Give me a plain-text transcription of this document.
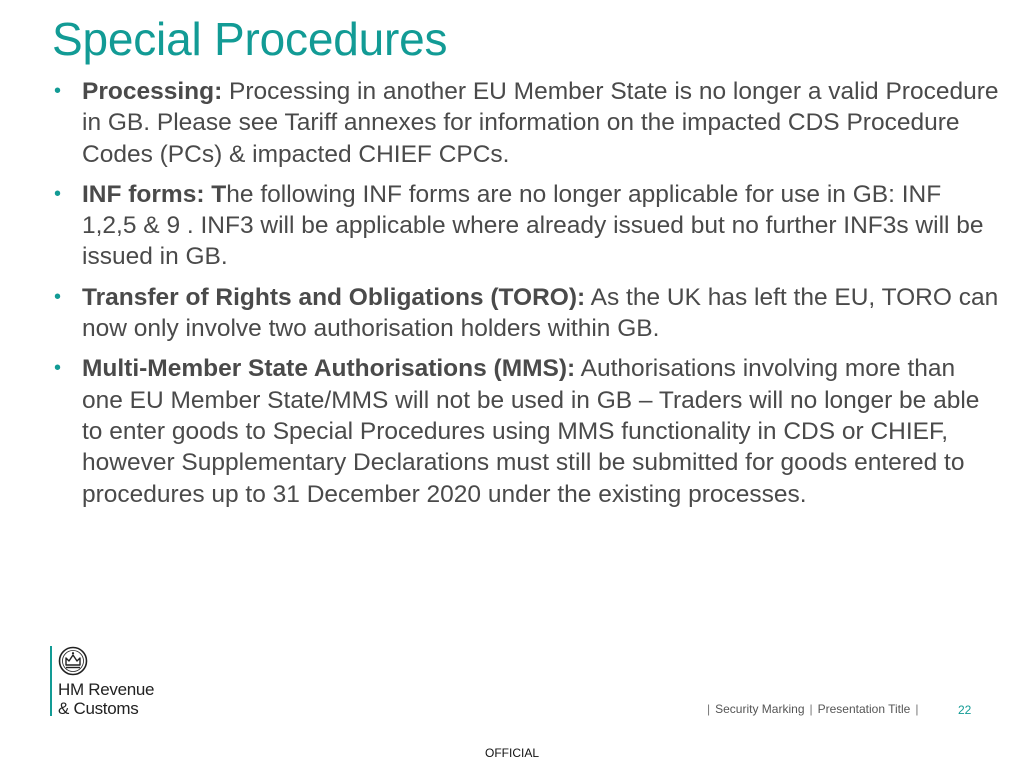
Special Procedures
• Processing: Processing in another EU Member State is no longer a valid Procedure in GB. Please see Tariff annexes for information on the impacted CDS Procedure Codes (PCs) & impacted CHIEF CPCs.
• INF forms: The following INF forms are no longer applicable for use in GB: INF 1,2,5 & 9 . INF3 will be applicable where already issued but no further INF3s will be issued in GB.
• Transfer of Rights and Obligations (TORO): As the UK has left the EU, TORO can now only involve two authorisation holders within GB.
• Multi-Member State Authorisations (MMS): Authorisations involving more than one EU Member State/MMS will not be used in GB – Traders will no longer be able to enter goods to Special Procedures using MMS functionality in CDS or CHIEF, however Supplementary Declarations must still be submitted for goods entered to procedures up to 31 December 2020 under the existing processes.
HM Revenue
& Customs	| Security Marking | Presentation Title |	22
OFFICIAL
